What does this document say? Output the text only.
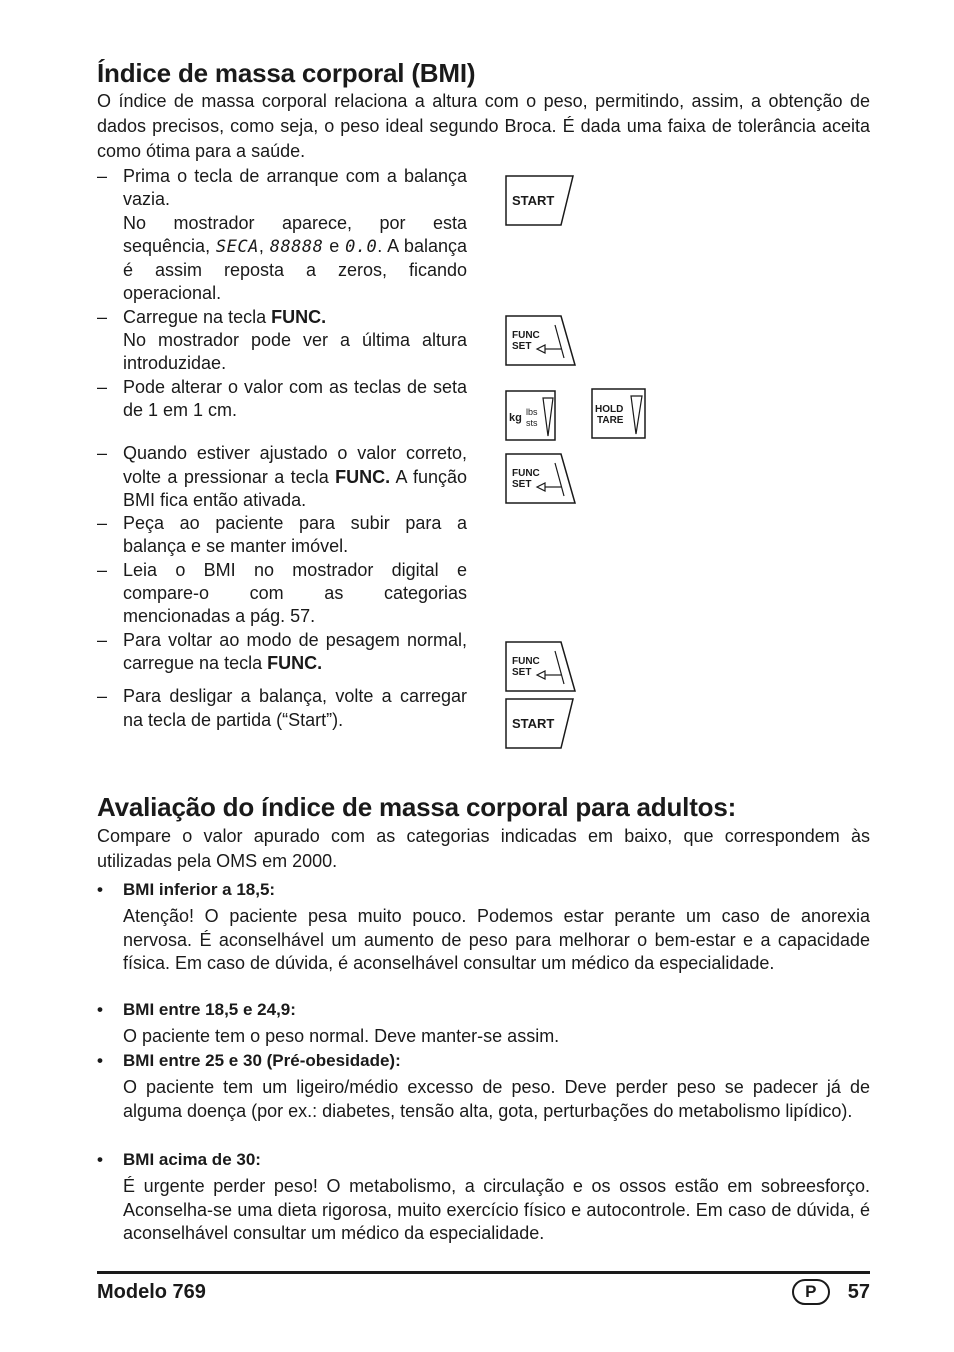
Índice de massa corporal (BMI)
O índice de massa corporal relaciona a altura com o peso, permitindo, assim, a obtenção de dados precisos, como seja, o peso ideal segundo Broca. É dada uma faixa de tolerância aceita como ótima para a saúde.
– Prima o tecla de arranque com a balança vazia.

No mostrador aparece, por esta sequência, SECA, 88888 e 0.0. A balança é assim reposta a zeros, ficando operacional.

– Carregue na tecla FUNC.

No mostrador pode ver a última altura introduzidae.

– Pode alterar o valor com as teclas de seta de 1 em 1 cm.

– Quando estiver ajustado o valor correto, volte a pressionar a tecla FUNC. A função BMI fica então ativada.

– Peça ao paciente para subir para a balança e se manter imóvel.

– Leia o BMI no mostrador digital e compare-o com as categorias mencionadas a pág. 57.

– Para voltar ao modo de pesagem normal, carregue na tecla FUNC.

– Para desligar a balança, volte a carregar na tecla de partida (“Start”).

START
FUNC
SET
kg lbs
sts
HOLD
TARE
FUNC
SET
FUNC
SET
START
Avaliação do índice de massa corporal para adultos:
Compare o valor apurado com as categorias indicadas em baixo, que correspondem às utilizadas pela OMS em 2000.
• BMI inferior a 18,5:
Atenção! O paciente pesa muito pouco. Podemos estar perante um caso de anorexia nervosa. É aconselhável um aumento de peso para melhorar o bem-estar e a capacidade física. Em caso de dúvida, é aconselhável consultar um médico da especialidade.
• BMI entre 18,5 e 24,9:
O paciente tem o peso normal. Deve manter-se assim.
• BMI entre 25 e 30 (Pré-obesidade):
O paciente tem um ligeiro/médio excesso de peso. Deve perder peso se padecer já de alguma doença (por ex.: diabetes, tensão alta, gota, perturbações do metabolismo lipídico).
• BMI acima de 30:
É urgente perder peso! O metabolismo, a circulação e os ossos estão em sobreesforço. Aconselha-se uma dieta rigorosa, muito exercício físico e autocontrole. Em caso de dúvida, é aconselhável consultar um médico da especialidade.
Modelo 769	P	57
